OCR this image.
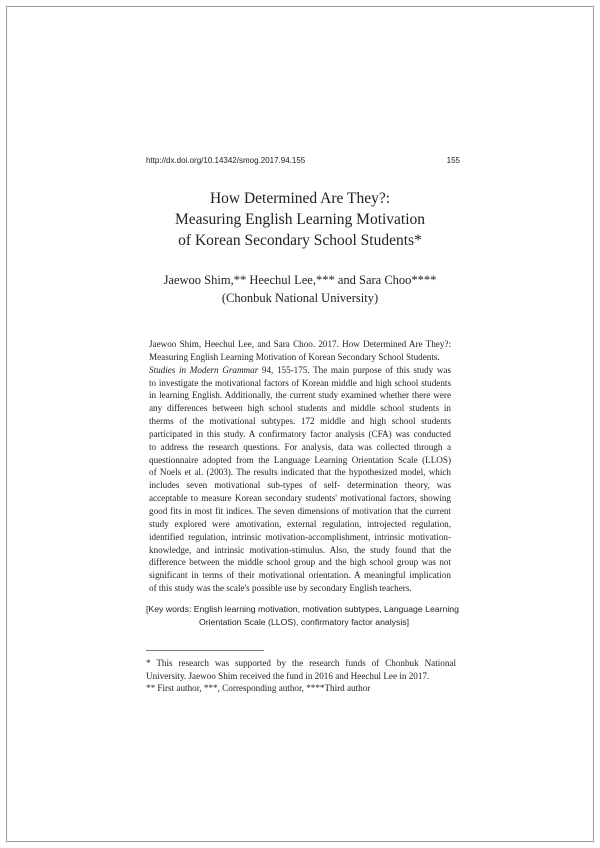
http://dx.doi.org/10.14342/smog.2017.94.155	155
How Determined Are They?:
Measuring English Learning Motivation
of Korean Secondary School Students*
Jaewoo Shim,** Heechul Lee,*** and Sara Choo****
(Chonbuk National University)
Jaewoo Shim, Heechul Lee, and Sara Choo. 2017. How Determined Are They?:
Measuring English Learning Motivation of Korean Secondary School Students.
Studies in Modern Grammar 94, 155-175. The main purpose of this study was
to investigate the motivational factors of Korean middle and high school students
in learning English. Additionally, the current study examined whether there were
any differences between high school students and middle school students in
therms of the motivational subtypes. 172 middle and high school students
participated in this study. A confirmatory factor analysis (CFA) was conducted
to address the research questions. For analysis, data was collected through a
questionnaire adopted from the Language Learning Orientation Scale (LLOS)
of Noels et al. (2003). The results indicated that the hypothesized model, which
includes seven motivational sub-types of self- determination theory, was
acceptable to measure Korean secondary students' motivational factors, showing
good fits in most fit indices. The seven dimensions of motivation that the current
study explored were amotivation, external regulation, introjected regulation,
identified regulation, intrinsic motivation-accomplishment, intrinsic motivation-
knowledge, and intrinsic motivation-stimulus. Also, the study found that the
difference between the middle school group and the high school group was not
significant in terms of their motivational orientation. A meaningful implication
of this study was the scale's possible use by secondary English teachers.
[Key words: English learning motivation, motivation subtypes, Language Learning
Orientation Scale (LLOS), confirmatory factor analysis]
* This research was supported by the research funds of Chonbuk National
University. Jaewoo Shim received the fund in 2016 and Heechul Lee in 2017.
** First author, ***, Corresponding author, ****Third author
